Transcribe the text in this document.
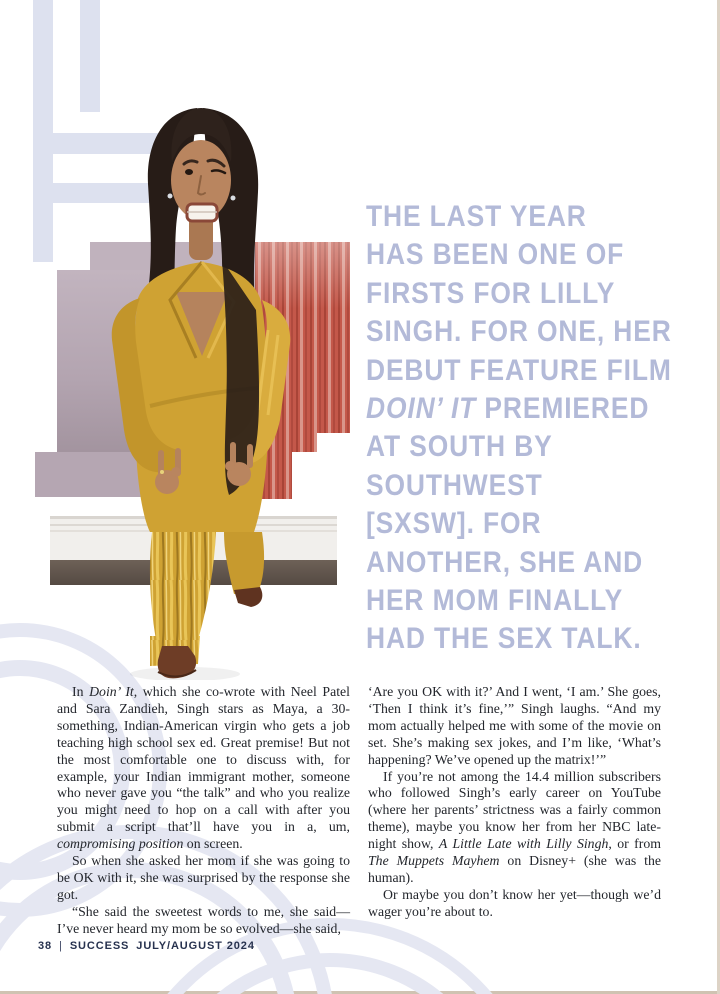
THE LAST YEAR
HAS BEEN ONE OF
FIRSTS FOR LILLY
SINGH. FOR ONE, HER
DEBUT FEATURE FILM
DOIN’ IT PREMIERED
AT SOUTH BY
SOUTHWEST
[SXSW]. FOR
ANOTHER, SHE AND
HER MOM FINALLY
HAD THE SEX TALK.

In Doin’ It, which she co-wrote with Neel Patel and Sara Zandieh, Singh stars as Maya, a 30-something, Indian-American virgin who gets a job teaching high school sex ed. Great premise! But not the most comfortable one to discuss with, for example, your Indian immigrant mother, someone who never gave you “the talk” and who you realize you might need to hop on a call with after you submit a script that’ll have you in a, um, compromising position on screen.

So when she asked her mom if she was going to be OK with it, she was surprised by the response she got.

“She said the sweetest words to me, she said—I’ve never heard my mom be so evolved—she said,

‘Are you OK with it?’ And I went, ‘I am.’ She goes, ‘Then I think it’s fine,’” Singh laughs. “And my mom actually helped me with some of the movie on set. She’s making sex jokes, and I’m like, ‘What’s happening? We’ve opened up the matrix!’”

If you’re not among the 14.4 million subscribers who followed Singh’s early career on YouTube (where her parents’ strictness was a fairly common theme), maybe you know her from her NBC late-night show, A Little Late with Lilly Singh, or from The Muppets Mayhem on Disney+ (she was the human).

Or maybe you don’t know her yet—though we’d wager you’re about to.

38 | SUCCESS JULY/AUGUST 2024
